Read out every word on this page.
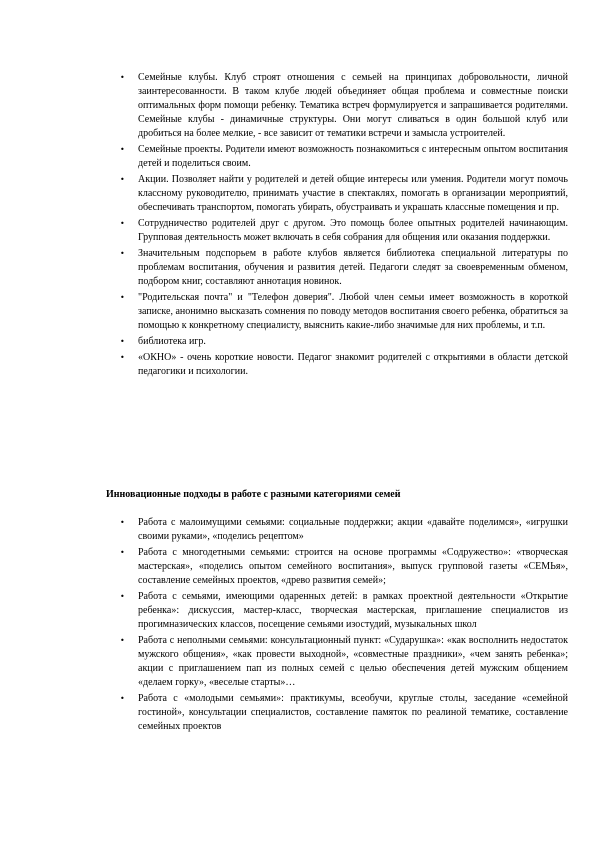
• Семейные клубы. Клуб строят отношения с семьей на принципах добровольности, личной заинтересованности. В таком клубе людей объединяет общая проблема и совместные поиски оптимальных форм помощи ребенку. Тематика встреч формулируется и запрашивается родителями. Семейные клубы - динамичные структуры. Они могут сливаться в один большой клуб или дробиться на более мелкие, - все зависит от тематики встречи и замысла устроителей.
• Семейные проекты. Родители имеют возможность познакомиться с интересным опытом воспитания детей и поделиться своим.
• Акции. Позволяет найти у родителей и детей общие интересы или умения. Родители могут помочь классному руководителю, принимать участие в спектаклях, помогать в организации мероприятий, обеспечивать транспортом, помогать убирать, обустраивать и украшать классные помещения и пр.
• Сотрудничество родителей друг с другом. Это помощь более опытных родителей начинающим. Групповая деятельность может включать в себя собрания для общения или оказания поддержки.
• Значительным подспорьем в работе клубов является библиотека специальной литературы по проблемам воспитания, обучения и развития детей. Педагоги следят за своевременным обменом, подбором книг, составляют аннотация новинок.
• "Родительская почта" и "Телефон доверия". Любой член семьи имеет возможность в короткой записке, анонимно высказать сомнения по поводу методов воспитания своего ребенка, обратиться за помощью к конкретному специалисту, выяснить какие-либо значимые для них проблемы, и т.п.
• библиотека игр.
• «ОКНО» - очень короткие новости. Педагог знакомит родителей с открытиями в области детской педагогики и психологии.
Инновационные подходы в работе с разными категориями семей
• Работа с малоимущими семьями: социальные поддержки; акции «давайте поделимся», «игрушки своими руками», «поделись рецептом»
• Работа с многодетными семьями: строится на основе программы «Содружество»: «творческая мастерская», «поделись опытом семейного воспитания», выпуск групповой газеты «СЕМЬя», составление семейных проектов, «древо развития семей»;
• Работа с семьями, имеющими одаренных детей: в рамках проектной деятельности «Открытие ребенка»: дискуссия, мастер-класс, творческая мастерская, приглашение специалистов из прогимназических классов, посещение семьями изостудий, музыкальных школ
• Работа с неполными семьями: консультационный пункт: «Сударушка»: «как восполнить недостаток мужского общения», «как провести выходной», «совместные праздники», «чем занять ребенка»; акции с приглашением пап из полных семей с целью обеспечения детей мужским общением «делаем горку», «веселые старты»…
• Работа с «молодыми семьями»: практикумы, всеобучи, круглые столы, заседание «семейной гостиной», консультации специалистов, составление памяток по реалиной тематике, составление семейных проектов
